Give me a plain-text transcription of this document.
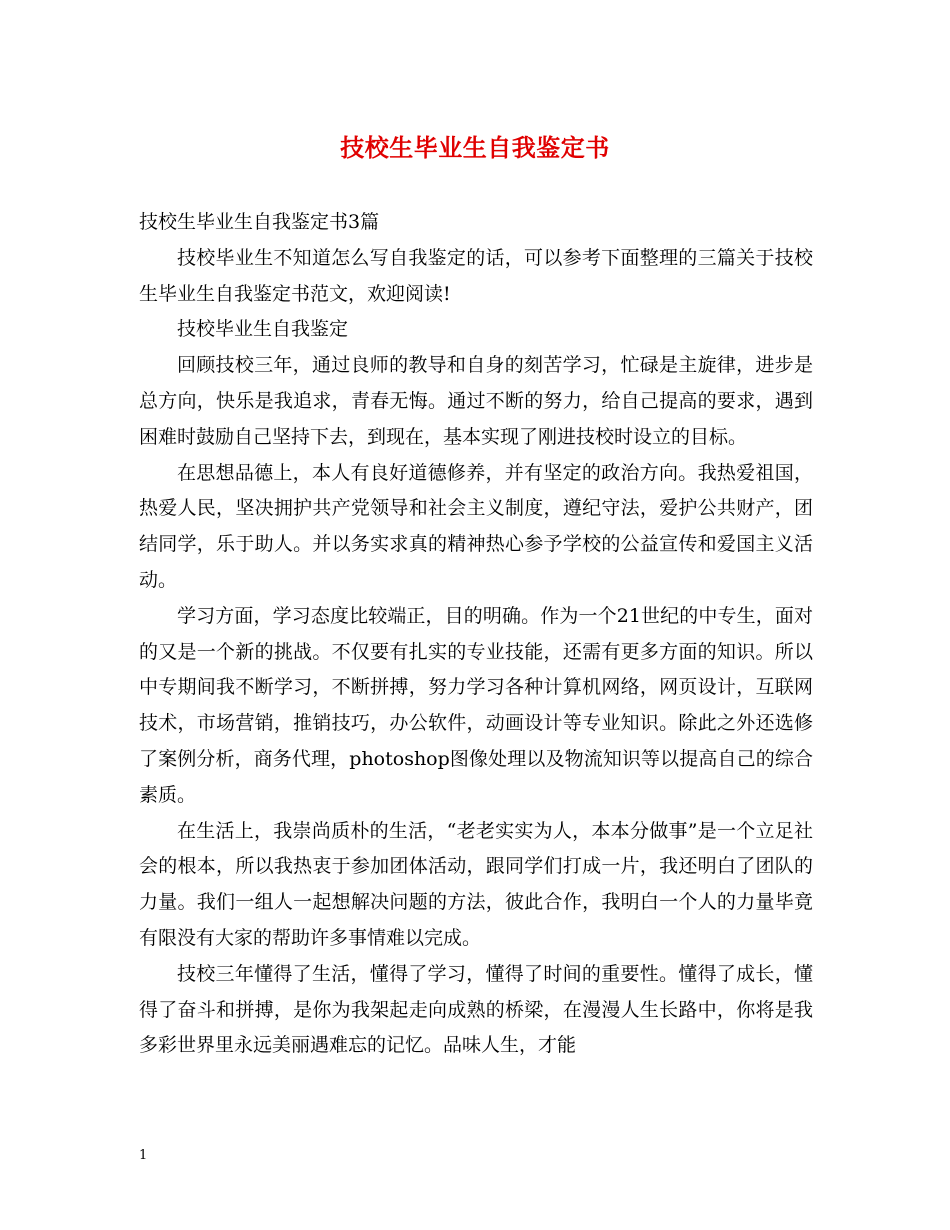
技校生毕业生自我鉴定书

技校生毕业生自我鉴定书3篇

技校毕业生不知道怎么写自我鉴定的话，可以参考下面整理的三篇关于技校生毕业生自我鉴定书范文，欢迎阅读!

技校毕业生自我鉴定

回顾技校三年，通过良师的教导和自身的刻苦学习，忙碌是主旋律，进步是总方向，快乐是我追求，青春无悔。通过不断的努力，给自己提高的要求，遇到困难时鼓励自己坚持下去，到现在，基本实现了刚进技校时设立的目标。

在思想品德上，本人有良好道德修养，并有坚定的政治方向。我热爱祖国，热爱人民，坚决拥护共产党领导和社会主义制度，遵纪守法，爱护公共财产，团结同学，乐于助人。并以务实求真的精神热心参予学校的公益宣传和爱国主义活动。

学习方面，学习态度比较端正，目的明确。作为一个21世纪的中专生，面对的又是一个新的挑战。不仅要有扎实的专业技能，还需有更多方面的知识。所以中专期间我不断学习，不断拼搏，努力学习各种计算机网络，网页设计，互联网技术，市场营销，推销技巧，办公软件，动画设计等专业知识。除此之外还选修了案例分析，商务代理，photoshop图像处理以及物流知识等以提高自己的综合素质。

在生活上，我崇尚质朴的生活，“老老实实为人，本本分做事”是一个立足社会的根本，所以我热衷于参加团体活动，跟同学们打成一片，我还明白了团队的力量。我们一组人一起想解决问题的方法，彼此合作，我明白一个人的力量毕竟有限没有大家的帮助许多事情难以完成。

技校三年懂得了生活，懂得了学习，懂得了时间的重要性。懂得了成长，懂得了奋斗和拼搏，是你为我架起走向成熟的桥梁，在漫漫人生长路中，你将是我多彩世界里永远美丽遇难忘的记忆。品味人生，才能

1
